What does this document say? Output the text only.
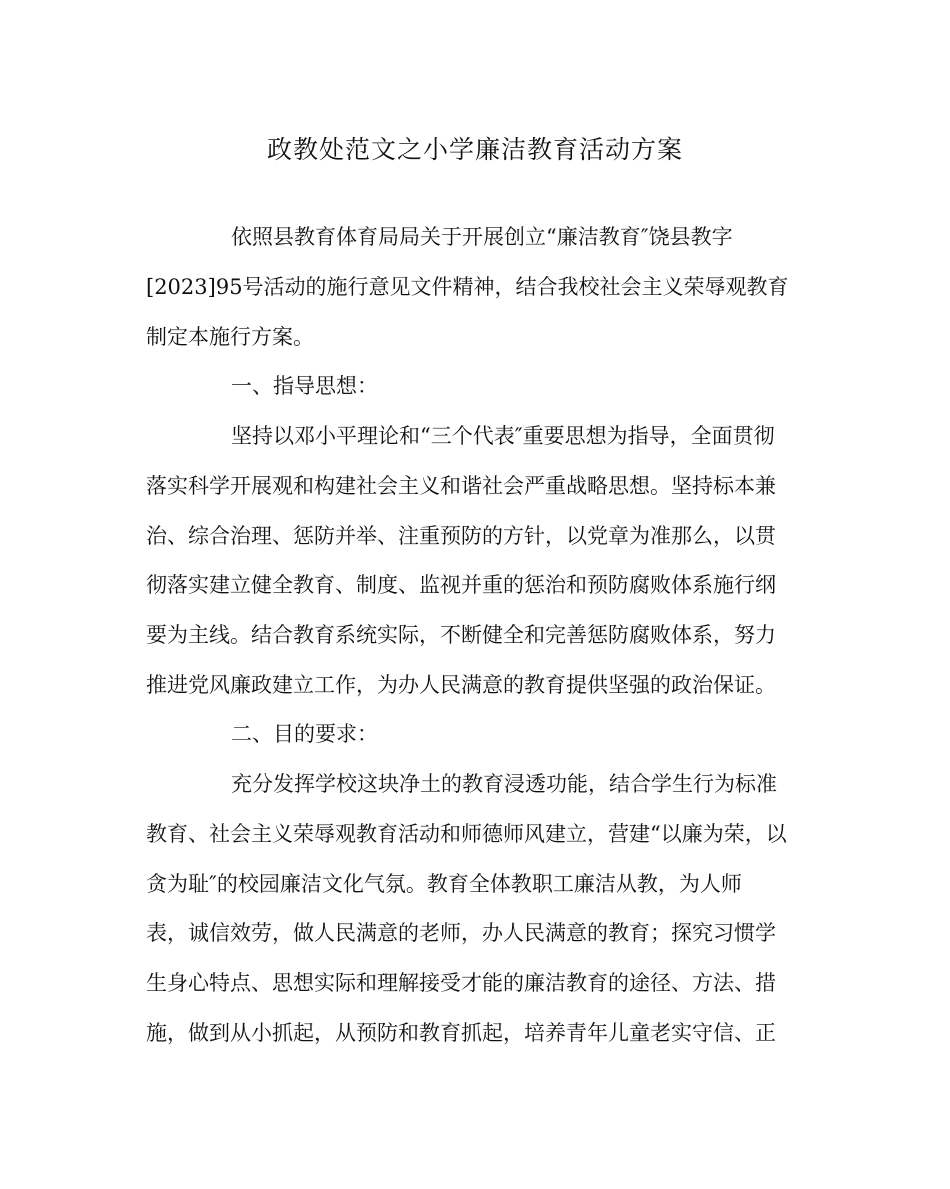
政教处范文之小学廉洁教育活动方案

依照县教育体育局局关于开展创立“廉洁教育″饶县教字

[2023]95号活动的施行意见文件精神，结合我校社会主义荣辱观教育

制定本施行方案。

一、指导思想：

坚持以邓小平理论和“三个代表″重要思想为指导，全面贯彻

落实科学开展观和构建社会主义和谐社会严重战略思想。坚持标本兼

治、综合治理、惩防并举、注重预防的方针，以党章为准那么，以贯

彻落实建立健全教育、制度、监视并重的惩治和预防腐败体系施行纲

要为主线。结合教育系统实际，不断健全和完善惩防腐败体系，努力

推进党风廉政建立工作，为办人民满意的教育提供坚强的政治保证。

二、目的要求：

充分发挥学校这块净土的教育浸透功能，结合学生行为标准

教育、社会主义荣辱观教育活动和师德师风建立，营建“以廉为荣，以

贪为耻″的校园廉洁文化气氛。教育全体教职工廉洁从教，为人师

表，诚信效劳，做人民满意的老师，办人民满意的教育；探究习惯学

生身心特点、思想实际和理解接受才能的廉洁教育的途径、方法、措

施，做到从小抓起，从预防和教育抓起，培养青年儿童老实守信、正
